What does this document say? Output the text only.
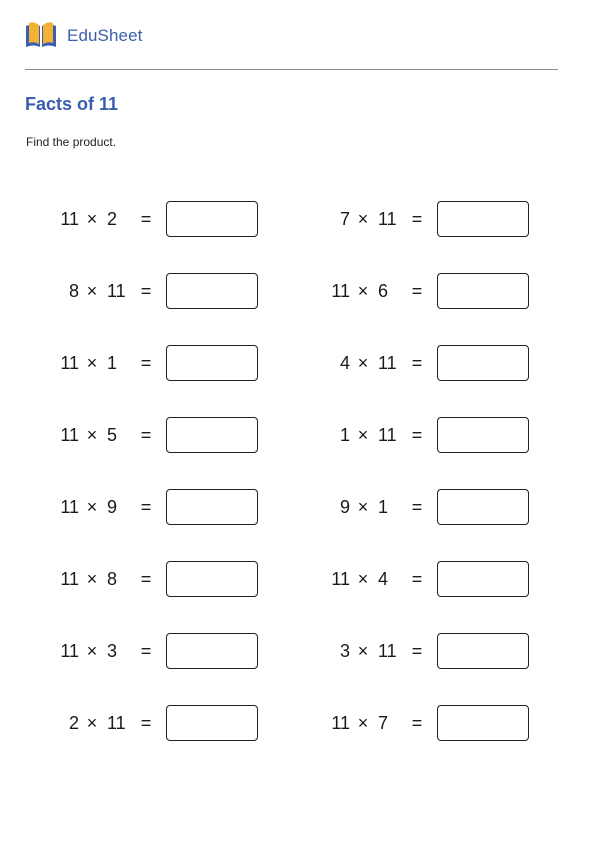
EduSheet
Facts of 11
Find the product.
11 × 2	=
8 × 11 =
11 × 1	=
11 × 5	=
11 × 9	=
11 × 8	=
11 × 3	=
2 × 11 =
7 × 11 =
11 × 6	=
4 × 11 =
1 × 11 =
9 × 1	=
11 × 4	=
3 × 11 =
11 × 7	=
